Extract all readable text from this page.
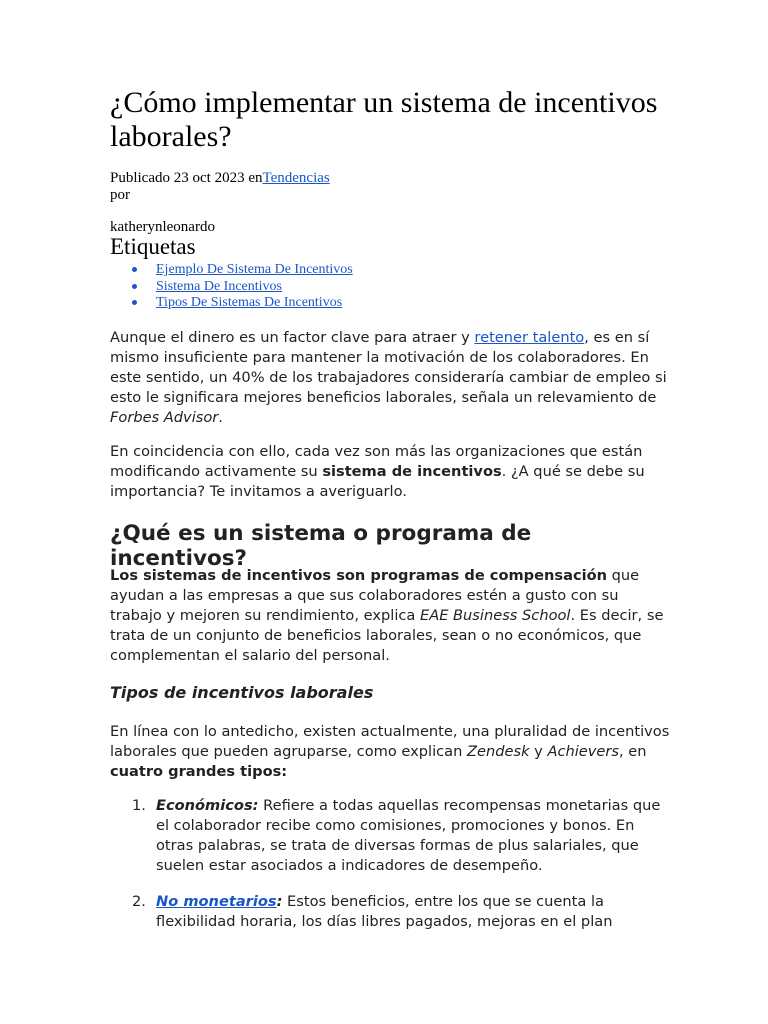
¿Cómo implementar un sistema de incentivos laborales?
Publicado 23 oct 2023 enTendencias
por
katherynleonardo
Etiquetas
Ejemplo De Sistema De Incentivos
Sistema De Incentivos
Tipos De Sistemas De Incentivos

Aunque el dinero es un factor clave para atraer y retener talento, es en sí mismo insuficiente para mantener la motivación de los colaboradores. En este sentido, un 40% de los trabajadores consideraría cambiar de empleo si esto le significara mejores beneficios laborales, señala un relevamiento de Forbes Advisor.

En coincidencia con ello, cada vez son más las organizaciones que están modificando activamente su sistema de incentivos. ¿A qué se debe su importancia? Te invitamos a averiguarlo.

¿Qué es un sistema o programa de incentivos?

Los sistemas de incentivos son programas de compensación que ayudan a las empresas a que sus colaboradores estén a gusto con su trabajo y mejoren su rendimiento, explica EAE Business School. Es decir, se trata de un conjunto de beneficios laborales, sean o no económicos, que complementan el salario del personal.

Tipos de incentivos laborales

En línea con lo antedicho, existen actualmente, una pluralidad de incentivos laborales que pueden agruparse, como explican Zendesk y Achievers, en cuatro grandes tipos:

1. Económicos: Refiere a todas aquellas recompensas monetarias que el colaborador recibe como comisiones, promociones y bonos. En otras palabras, se trata de diversas formas de plus salariales, que suelen estar asociados a indicadores de desempeño.
2. No monetarios: Estos beneficios, entre los que se cuenta la flexibilidad horaria, los días libres pagados, mejoras en el plan
